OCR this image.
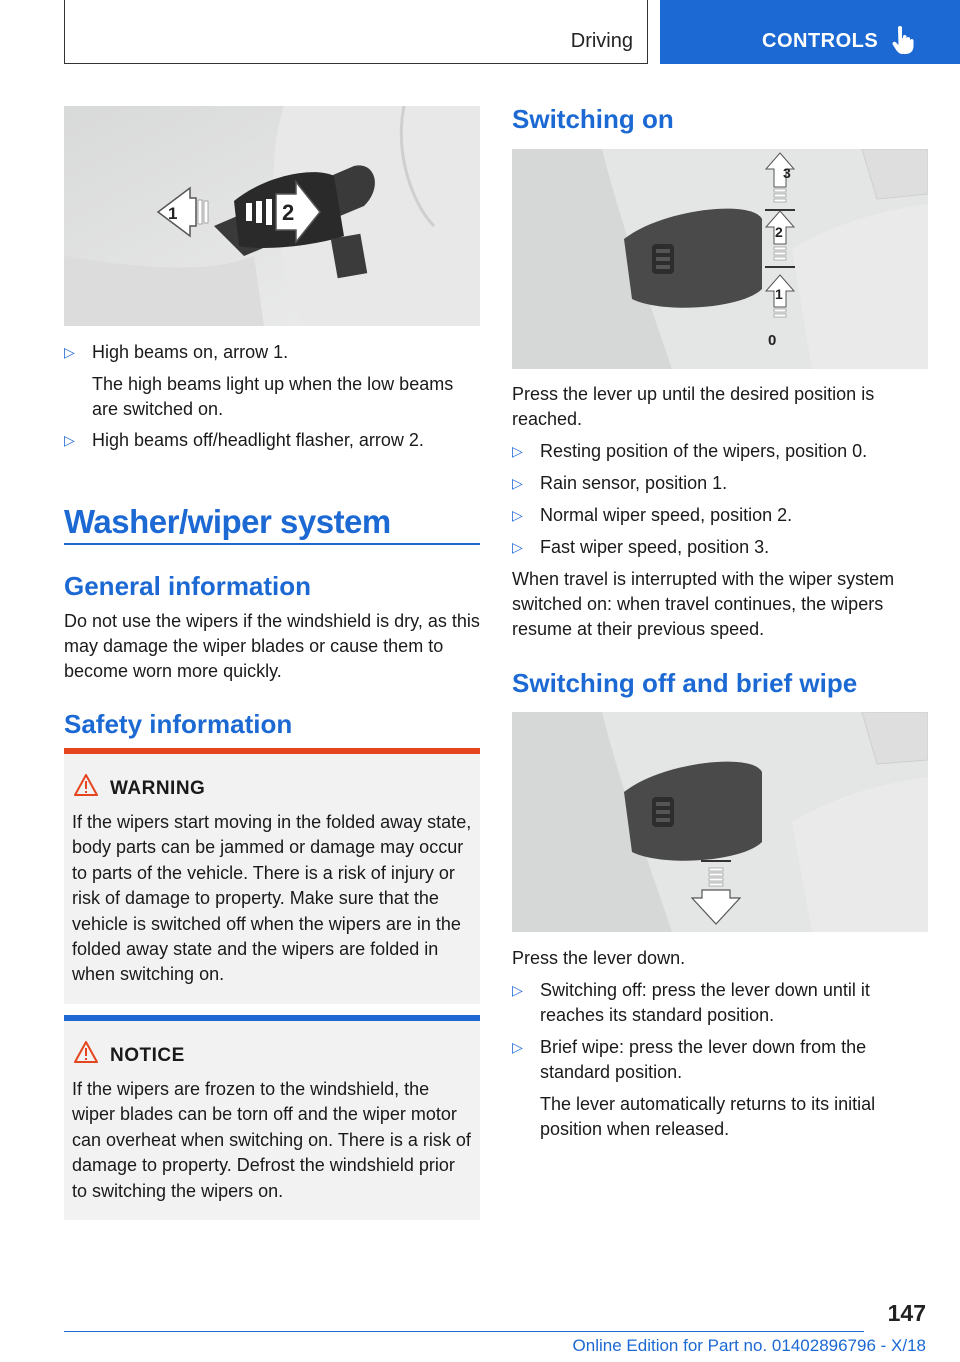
Driving	CONTROLS
2
1
▷ High beams on, arrow 1.
The high beams light up when the low beams are switched on.
▷ High beams off/headlight flasher, arrow 2.
Washer/wiper system
General information
Do not use the wipers if the windshield is dry, as this may damage the wiper blades or cause them to become worn more quickly.
Safety information
WARNING
If the wipers start moving in the folded away state, body parts can be jammed or damage may occur to parts of the vehicle. There is a risk of injury or risk of damage to property. Make sure that the vehicle is switched off when the wipers are in the folded away state and the wipers are folded in when switching on.
NOTICE
If the wipers are frozen to the windshield, the wiper blades can be torn off and the wiper motor can overheat when switching on. There is a risk of damage to property. Defrost the windshield prior to switching the wipers on.
Switching on
3
2
1
0
Press the lever up until the desired position is reached.
▷ Resting position of the wipers, position 0.
▷ Rain sensor, position 1.
▷ Normal wiper speed, position 2.
▷ Fast wiper speed, position 3.
When travel is interrupted with the wiper system switched on: when travel continues, the wipers resume at their previous speed.
Switching off and brief wipe
Press the lever down.
▷ Switching off: press the lever down until it reaches its standard position.
▷ Brief wipe: press the lever down from the standard position.
The lever automatically returns to its initial position when released.
147
Online Edition for Part no. 01402896796 - X/18
